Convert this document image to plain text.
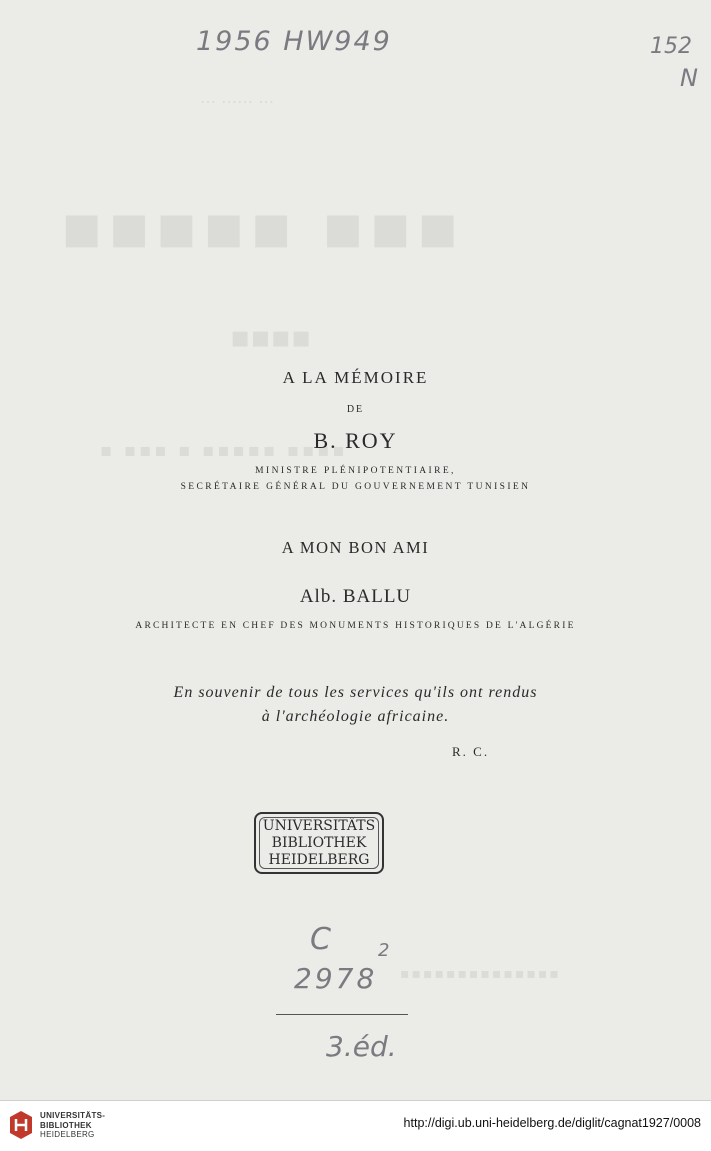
⋯ ⋯⋯ ⋯
▪▪▪▪▪ ▪▪▪
▪▪▪▪
▪ ▪▪▪ ▪ ▪▪▪▪▪ ▪▪▪▪
1956 HW949	152
N
A LA MÉMOIRE
DE
B. ROY
MINISTRE PLÉNIPOTENTIAIRE,
SECRÉTAIRE GÉNÉRAL DU GOUVERNEMENT TUNISIEN
A MON BON AMI
Alb. BALLU
ARCHITECTE EN CHEF DES MONUMENTS HISTORIQUES DE L'ALGÉRIE
En souvenir de tous les services qu'ils ont rendus
à l'archéologie africaine.
R. C.
UNIVERSITÄTS
BIBLIOTHEK
HEIDELBERG
C	2
2978 ▪▪▪▪▪▪▪▪▪▪▪▪▪▪
3.éd.
UNIVERSITÄTS-
BIBLIOTHEK
HEIDELBERG
http://digi.ub.uni-heidelberg.de/diglit/cagnat1927/0008
